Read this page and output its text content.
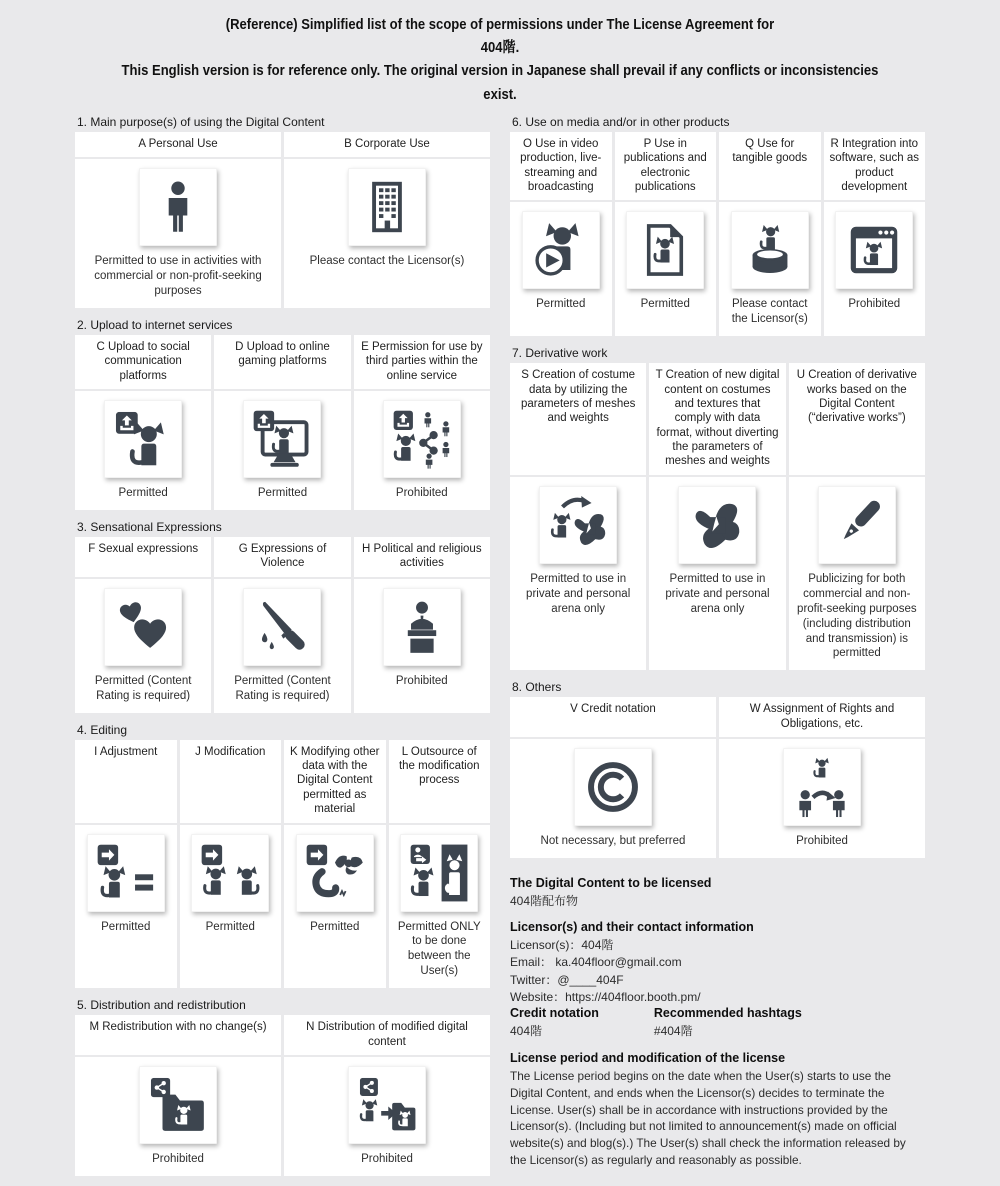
(Reference) Simplified list of the scope of permissions under The License Agreement for
404階.
This English version is for reference only. The original version in Japanese shall prevail if any conflicts or inconsistencies exist.
1. Main purpose(s) of using the Digital Content
A Personal Use
Permitted to use in activities with commercial or non-profit-seeking purposes
B Corporate Use
Please contact the Licensor(s)
2. Upload to internet services
C Upload to social communication platforms
Permitted
D Upload to online gaming platforms
Permitted
E Permission for use by third parties within the online service
Prohibited
3. Sensational Expressions
F Sexual expressions
Permitted (Content Rating is required)
G Expressions of Violence
Permitted (Content Rating is required)
H Political and religious activities
Prohibited
4. Editing
I Adjustment
Permitted
J Modification
Permitted
K Modifying other data with the Digital Content permitted as material
Permitted
L Outsource of the modification process
Permitted ONLY to be done between the User(s)
5. Distribution and redistribution
M Redistribution with no change(s)
Prohibited
N Distribution of modified digital content
Prohibited
6. Use on media and/or in other products
O Use in video production, live-streaming and broadcasting
Permitted
P Use in publications and electronic publications
Permitted
Q Use for tangible goods
Please contact the Licensor(s)
R Integration into software, such as product development
Prohibited
7. Derivative work
S Creation of costume data by utilizing the parameters of meshes and weights
Permitted to use in private and personal arena only
T Creation of new digital content on costumes and textures that comply with data format, without diverting the parameters of meshes and weights
Permitted to use in private and personal arena only
U Creation of derivative works based on the Digital Content (“derivative works”)
Publicizing for both commercial and non-profit-seeking purposes (including distribution and transmission) is permitted
8. Others
V Credit notation
Not necessary, but preferred
W Assignment of Rights and Obligations, etc.
Prohibited
The Digital Content to be licensed
404階配布物
Licensor(s) and their contact information
Licensor(s)：404階
Email： ka.404floor@gmail.com
Twitter：@____404F
Website：https://404floor.booth.pm/
Credit notation
404階
Recommended hashtags
#404階
License period and modification of the license

The License period begins on the date when the User(s) starts to use the Digital Content, and ends when the Licensor(s) decides to terminate the License. User(s) shall be in accordance with instructions provided by the Licensor(s). (Including but not limited to announcement(s) made on official website(s) and blog(s).) The User(s) shall check the information released by the Licensor(s) as regularly and reasonably as possible.
